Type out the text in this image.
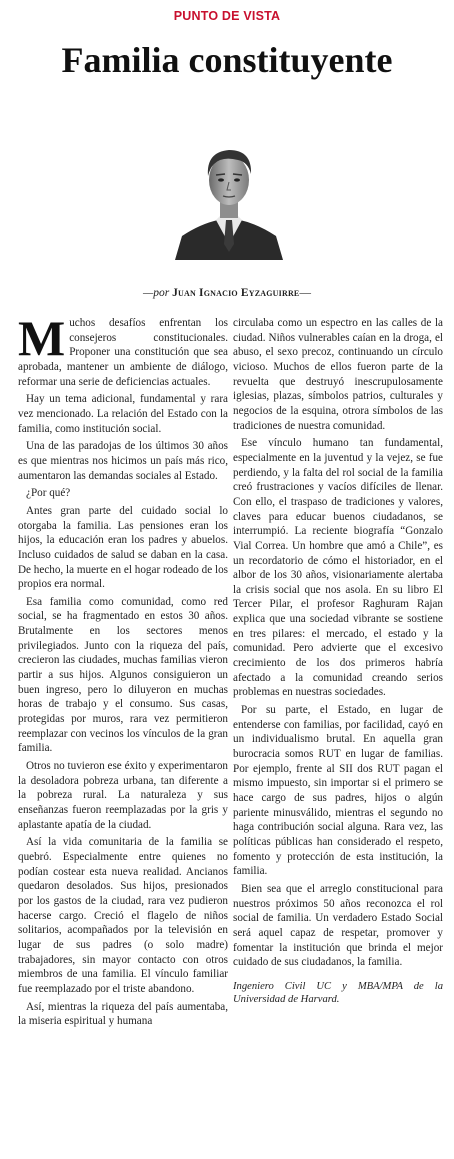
PUNTO DE VISTA
Familia constituyente
—por Juan Ignacio Eyzaguirre—

Muchos desafíos enfrentan los consejeros constitucionales. Proponer una constitución que sea aprobada, mantener un ambiente de diálogo, reformar una serie de deficiencias actuales.

Hay un tema adicional, fundamental y rara vez mencionado. La relación del Estado con la familia, como institución social.

Una de las paradojas de los últimos 30 años es que mientras nos hicimos un país más rico, aumentaron las demandas sociales al Estado.

¿Por qué?

Antes gran parte del cuidado social lo otorgaba la familia. Las pensiones eran los hijos, la educación eran los padres y abuelos. Incluso cuidados de salud se daban en la casa. De hecho, la muerte en el hogar rodeado de los propios era normal.

Esa familia como comunidad, como red social, se ha fragmentado en estos 30 años. Brutalmente en los sectores menos privilegiados. Junto con la riqueza del país, crecieron las ciudades, muchas familias vieron partir a sus hijos. Algunos consiguieron un buen ingreso, pero lo diluyeron en muchas horas de trabajo y el consumo. Sus casas, protegidas por muros, rara vez permitieron reemplazar con vecinos los vínculos de la gran familia.

Otros no tuvieron ese éxito y experimentaron la desoladora pobreza urbana, tan diferente a la pobreza rural. La naturaleza y sus enseñanzas fueron reemplazadas por la gris y aplastante apatía de la ciudad.

Así la vida comunitaria de la familia se quebró. Especialmente entre quienes no podían costear esta nueva realidad. Ancianos quedaron desolados. Sus hijos, presionados por los gastos de la ciudad, rara vez pudieron hacerse cargo. Creció el flagelo de niños solitarios, acompañados por la televisión en lugar de sus padres (o solo madre) trabajadores, sin mayor contacto con otros miembros de una familia. El vínculo familiar fue reemplazado por el triste abandono.

Así, mientras la riqueza del país aumentaba, la miseria espiritual y humana

circulaba como un espectro en las calles de la ciudad. Niños vulnerables caían en la droga, el abuso, el sexo precoz, continuando un círculo vicioso. Muchos de ellos fueron parte de la revuelta que destruyó inescrupulosamente iglesias, plazas, símbolos patrios, culturales y negocios de la esquina, otrora símbolos de las tradiciones de nuestra comunidad.

Ese vínculo humano tan fundamental, especialmente en la juventud y la vejez, se fue perdiendo, y la falta del rol social de la familia creó frustraciones y vacíos difíciles de llenar. Con ello, el traspaso de tradiciones y valores, claves para educar buenos ciudadanos, se interrumpió. La reciente biografía “Gonzalo Vial Correa. Un hombre que amó a Chile”, es un recordatorio de cómo el historiador, en el albor de los 30 años, visionariamente alertaba la crisis social que nos asola. En su libro El Tercer Pilar, el profesor Raghuram Rajan explica que una sociedad vibrante se sostiene en tres pilares: el mercado, el estado y la comunidad. Pero advierte que el excesivo crecimiento de los dos primeros habría afectado a la comunidad creando serios problemas en nuestras sociedades.

Por su parte, el Estado, en lugar de entenderse con familias, por facilidad, cayó en un individualismo brutal. En aquella gran burocracia somos RUT en lugar de familias. Por ejemplo, frente al SII dos RUT pagan el mismo impuesto, sin importar si el primero se hace cargo de sus padres, hijos o algún pariente minusválido, mientras el segundo no haga contribución social alguna. Rara vez, las políticas públicas han considerado el respeto, fomento y protección de esta institución, la familia.

Bien sea que el arreglo constitucional para nuestros próximos 50 años reconozca el rol social de familia. Un verdadero Estado Social será aquel capaz de respetar, promover y fomentar la institución que brinda el mejor cuidado de sus ciudadanos, la familia.

Ingeniero Civil UC y MBA/MPA de la Universidad de Harvard.
